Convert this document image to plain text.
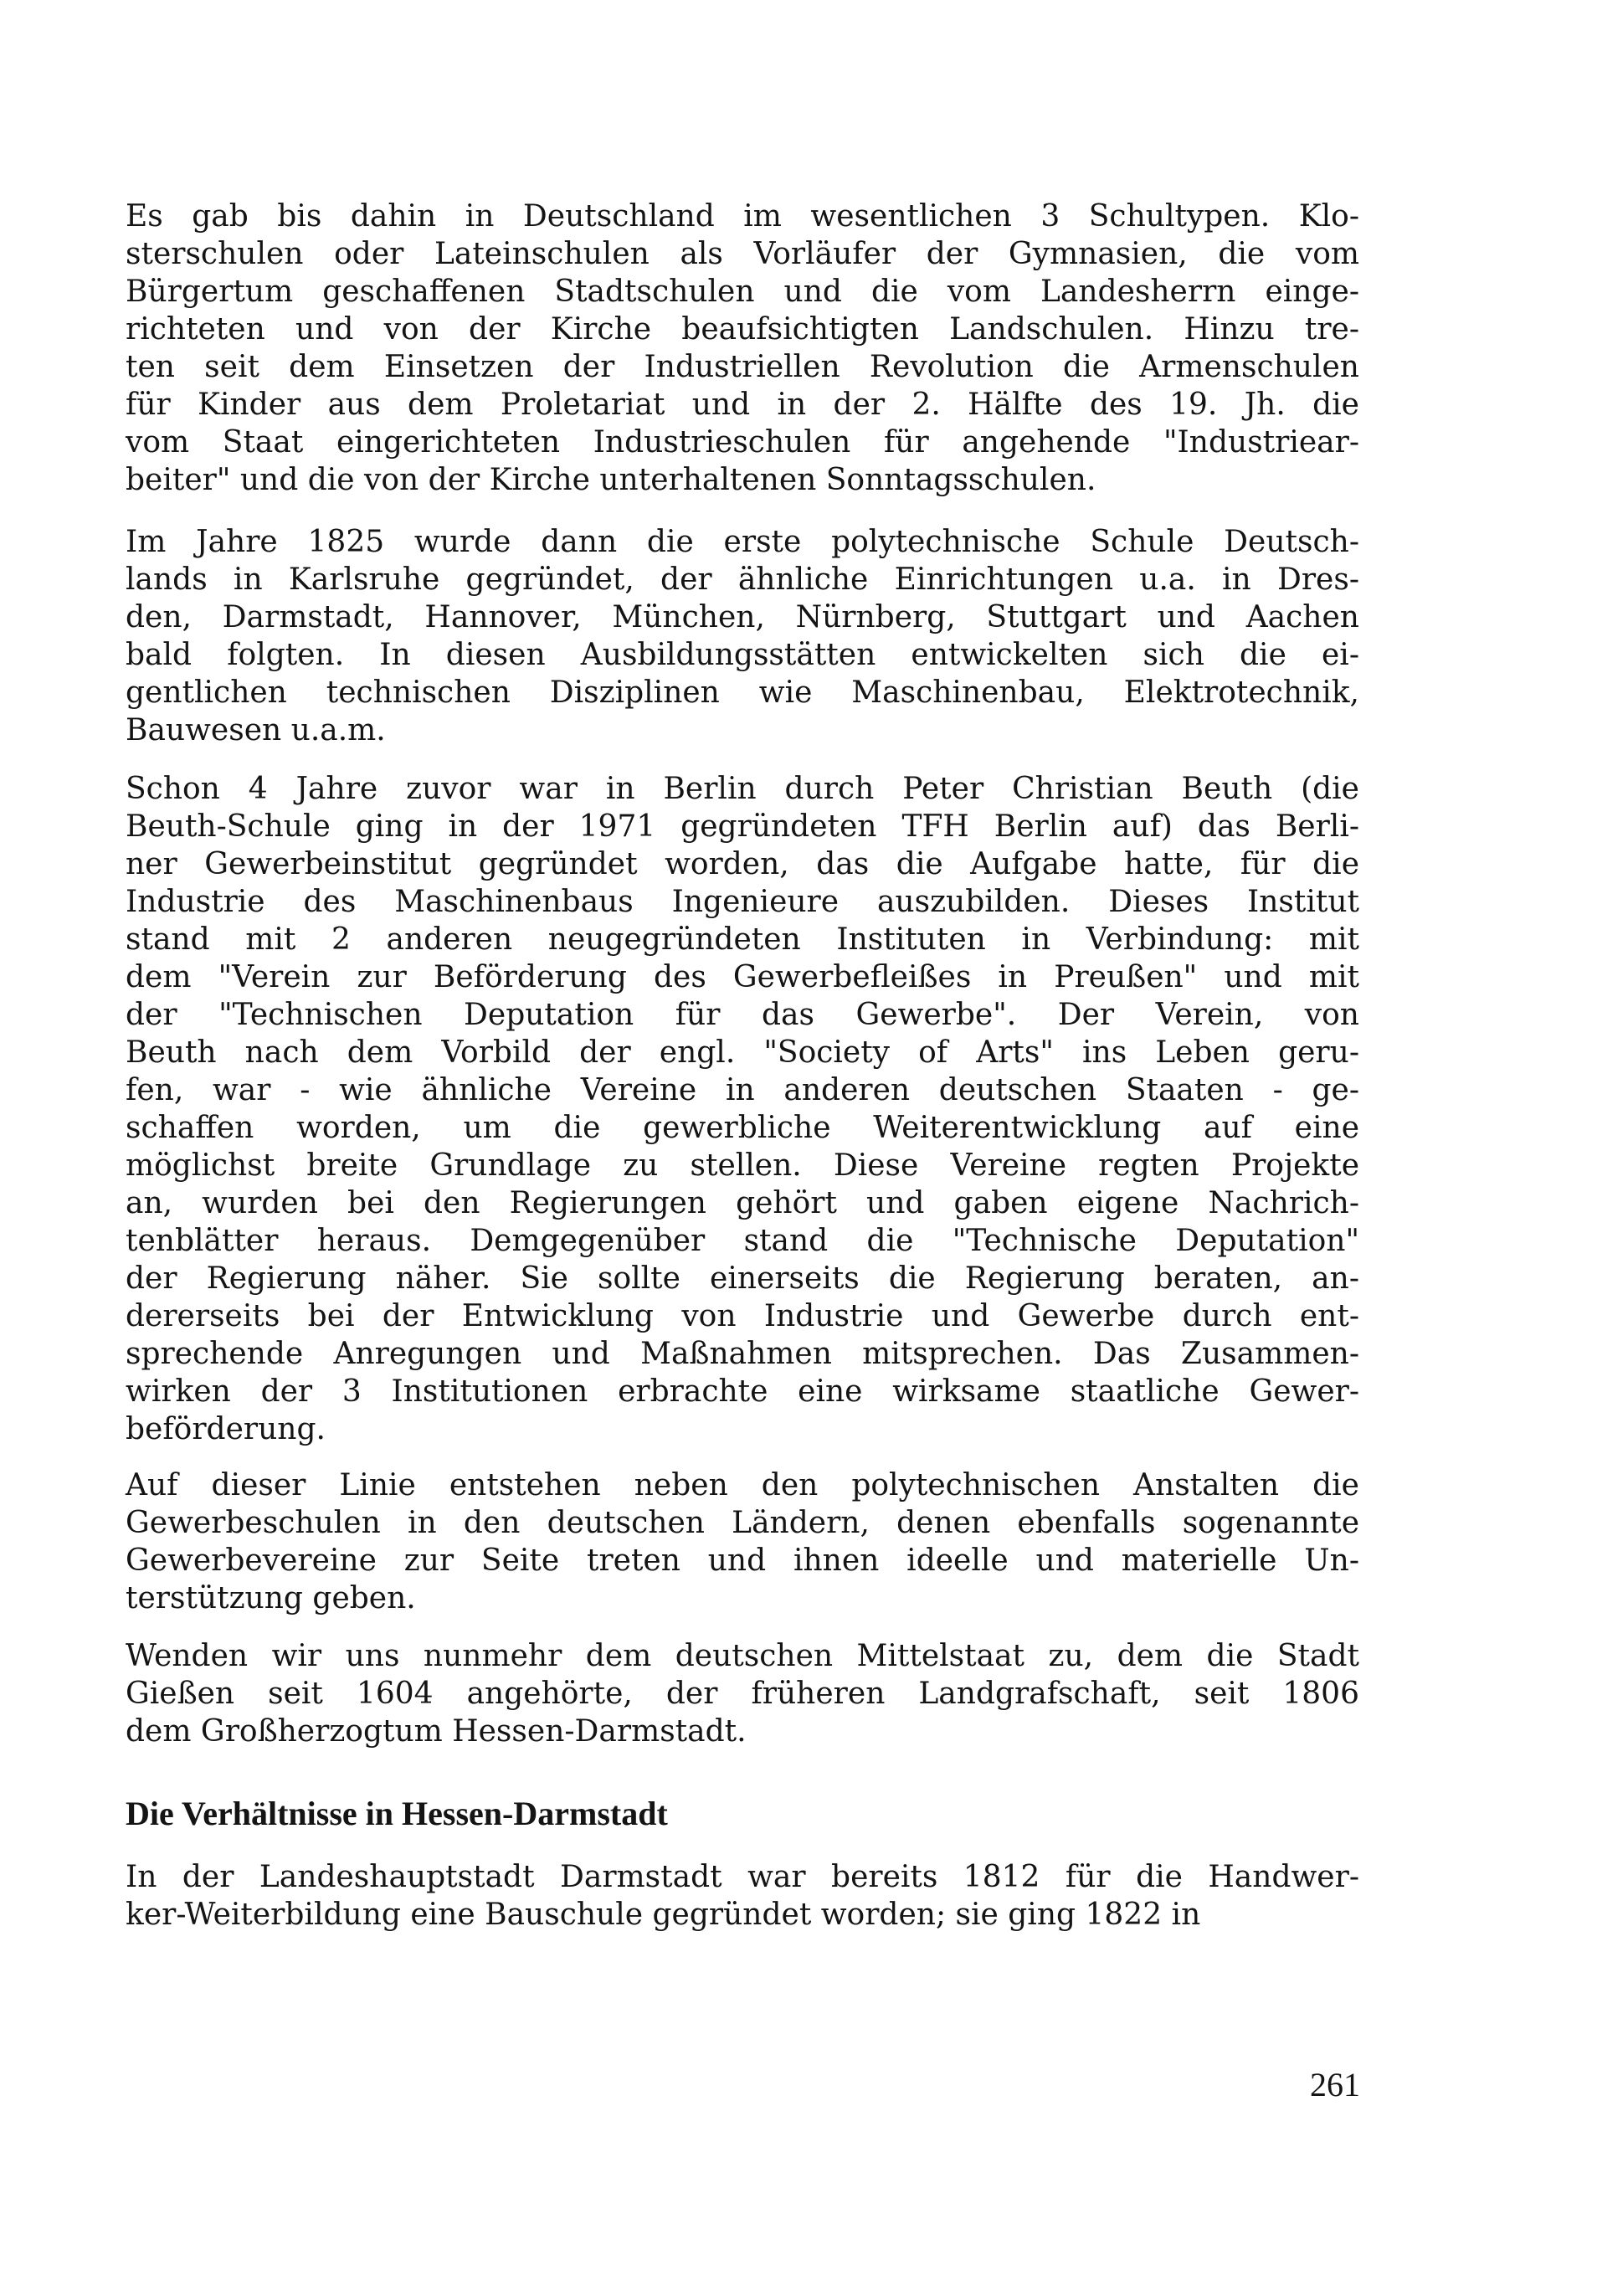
Es gab bis dahin in Deutschland im wesentlichen 3 Schultypen. Klo-
sterschulen oder Lateinschulen als Vorläufer der Gymnasien, die vom
Bürgertum geschaffenen Stadtschulen und die vom Landesherrn einge-
richteten und von der Kirche beaufsichtigten Landschulen. Hinzu tre-
ten seit dem Einsetzen der Industriellen Revolution die Armenschulen
für Kinder aus dem Proletariat und in der 2. Hälfte des 19. Jh. die
vom Staat eingerichteten Industrieschulen für angehende "Industriear-
beiter" und die von der Kirche unterhaltenen Sonntagsschulen.
Im Jahre 1825 wurde dann die erste polytechnische Schule Deutsch-
lands in Karlsruhe gegründet, der ähnliche Einrichtungen u.a. in Dres-
den, Darmstadt, Hannover, München, Nürnberg, Stuttgart und Aachen
bald folgten. In diesen Ausbildungsstätten entwickelten sich die ei-
gentlichen technischen Disziplinen wie Maschinenbau, Elektrotechnik,
Bauwesen u.a.m.
Schon 4 Jahre zuvor war in Berlin durch Peter Christian Beuth (die
Beuth-Schule ging in der 1971 gegründeten TFH Berlin auf) das Berli-
ner Gewerbeinstitut gegründet worden, das die Aufgabe hatte, für die
Industrie des Maschinenbaus Ingenieure auszubilden. Dieses Institut
stand mit 2 anderen neugegründeten Instituten in Verbindung: mit
dem "Verein zur Beförderung des Gewerbefleißes in Preußen" und mit
der "Technischen Deputation für das Gewerbe". Der Verein, von
Beuth nach dem Vorbild der engl. "Society of Arts" ins Leben geru-
fen, war - wie ähnliche Vereine in anderen deutschen Staaten - ge-
schaffen worden, um die gewerbliche Weiterentwicklung auf eine
möglichst breite Grundlage zu stellen. Diese Vereine regten Projekte
an, wurden bei den Regierungen gehört und gaben eigene Nachrich-
tenblätter heraus. Demgegenüber stand die "Technische Deputation"
der Regierung näher. Sie sollte einerseits die Regierung beraten, an-
dererseits bei der Entwicklung von Industrie und Gewerbe durch ent-
sprechende Anregungen und Maßnahmen mitsprechen. Das Zusammen-
wirken der 3 Institutionen erbrachte eine wirksame staatliche Gewer-
beförderung.
Auf dieser Linie entstehen neben den polytechnischen Anstalten die
Gewerbeschulen in den deutschen Ländern, denen ebenfalls sogenannte
Gewerbevereine zur Seite treten und ihnen ideelle und materielle Un-
terstützung geben.
Wenden wir uns nunmehr dem deutschen Mittelstaat zu, dem die Stadt
Gießen seit 1604 angehörte, der früheren Landgrafschaft, seit 1806
dem Großherzogtum Hessen-Darmstadt.
Die Verhältnisse in Hessen-Darmstadt
In der Landeshauptstadt Darmstadt war bereits 1812 für die Handwer-
ker-Weiterbildung eine Bauschule gegründet worden; sie ging 1822 in
261
